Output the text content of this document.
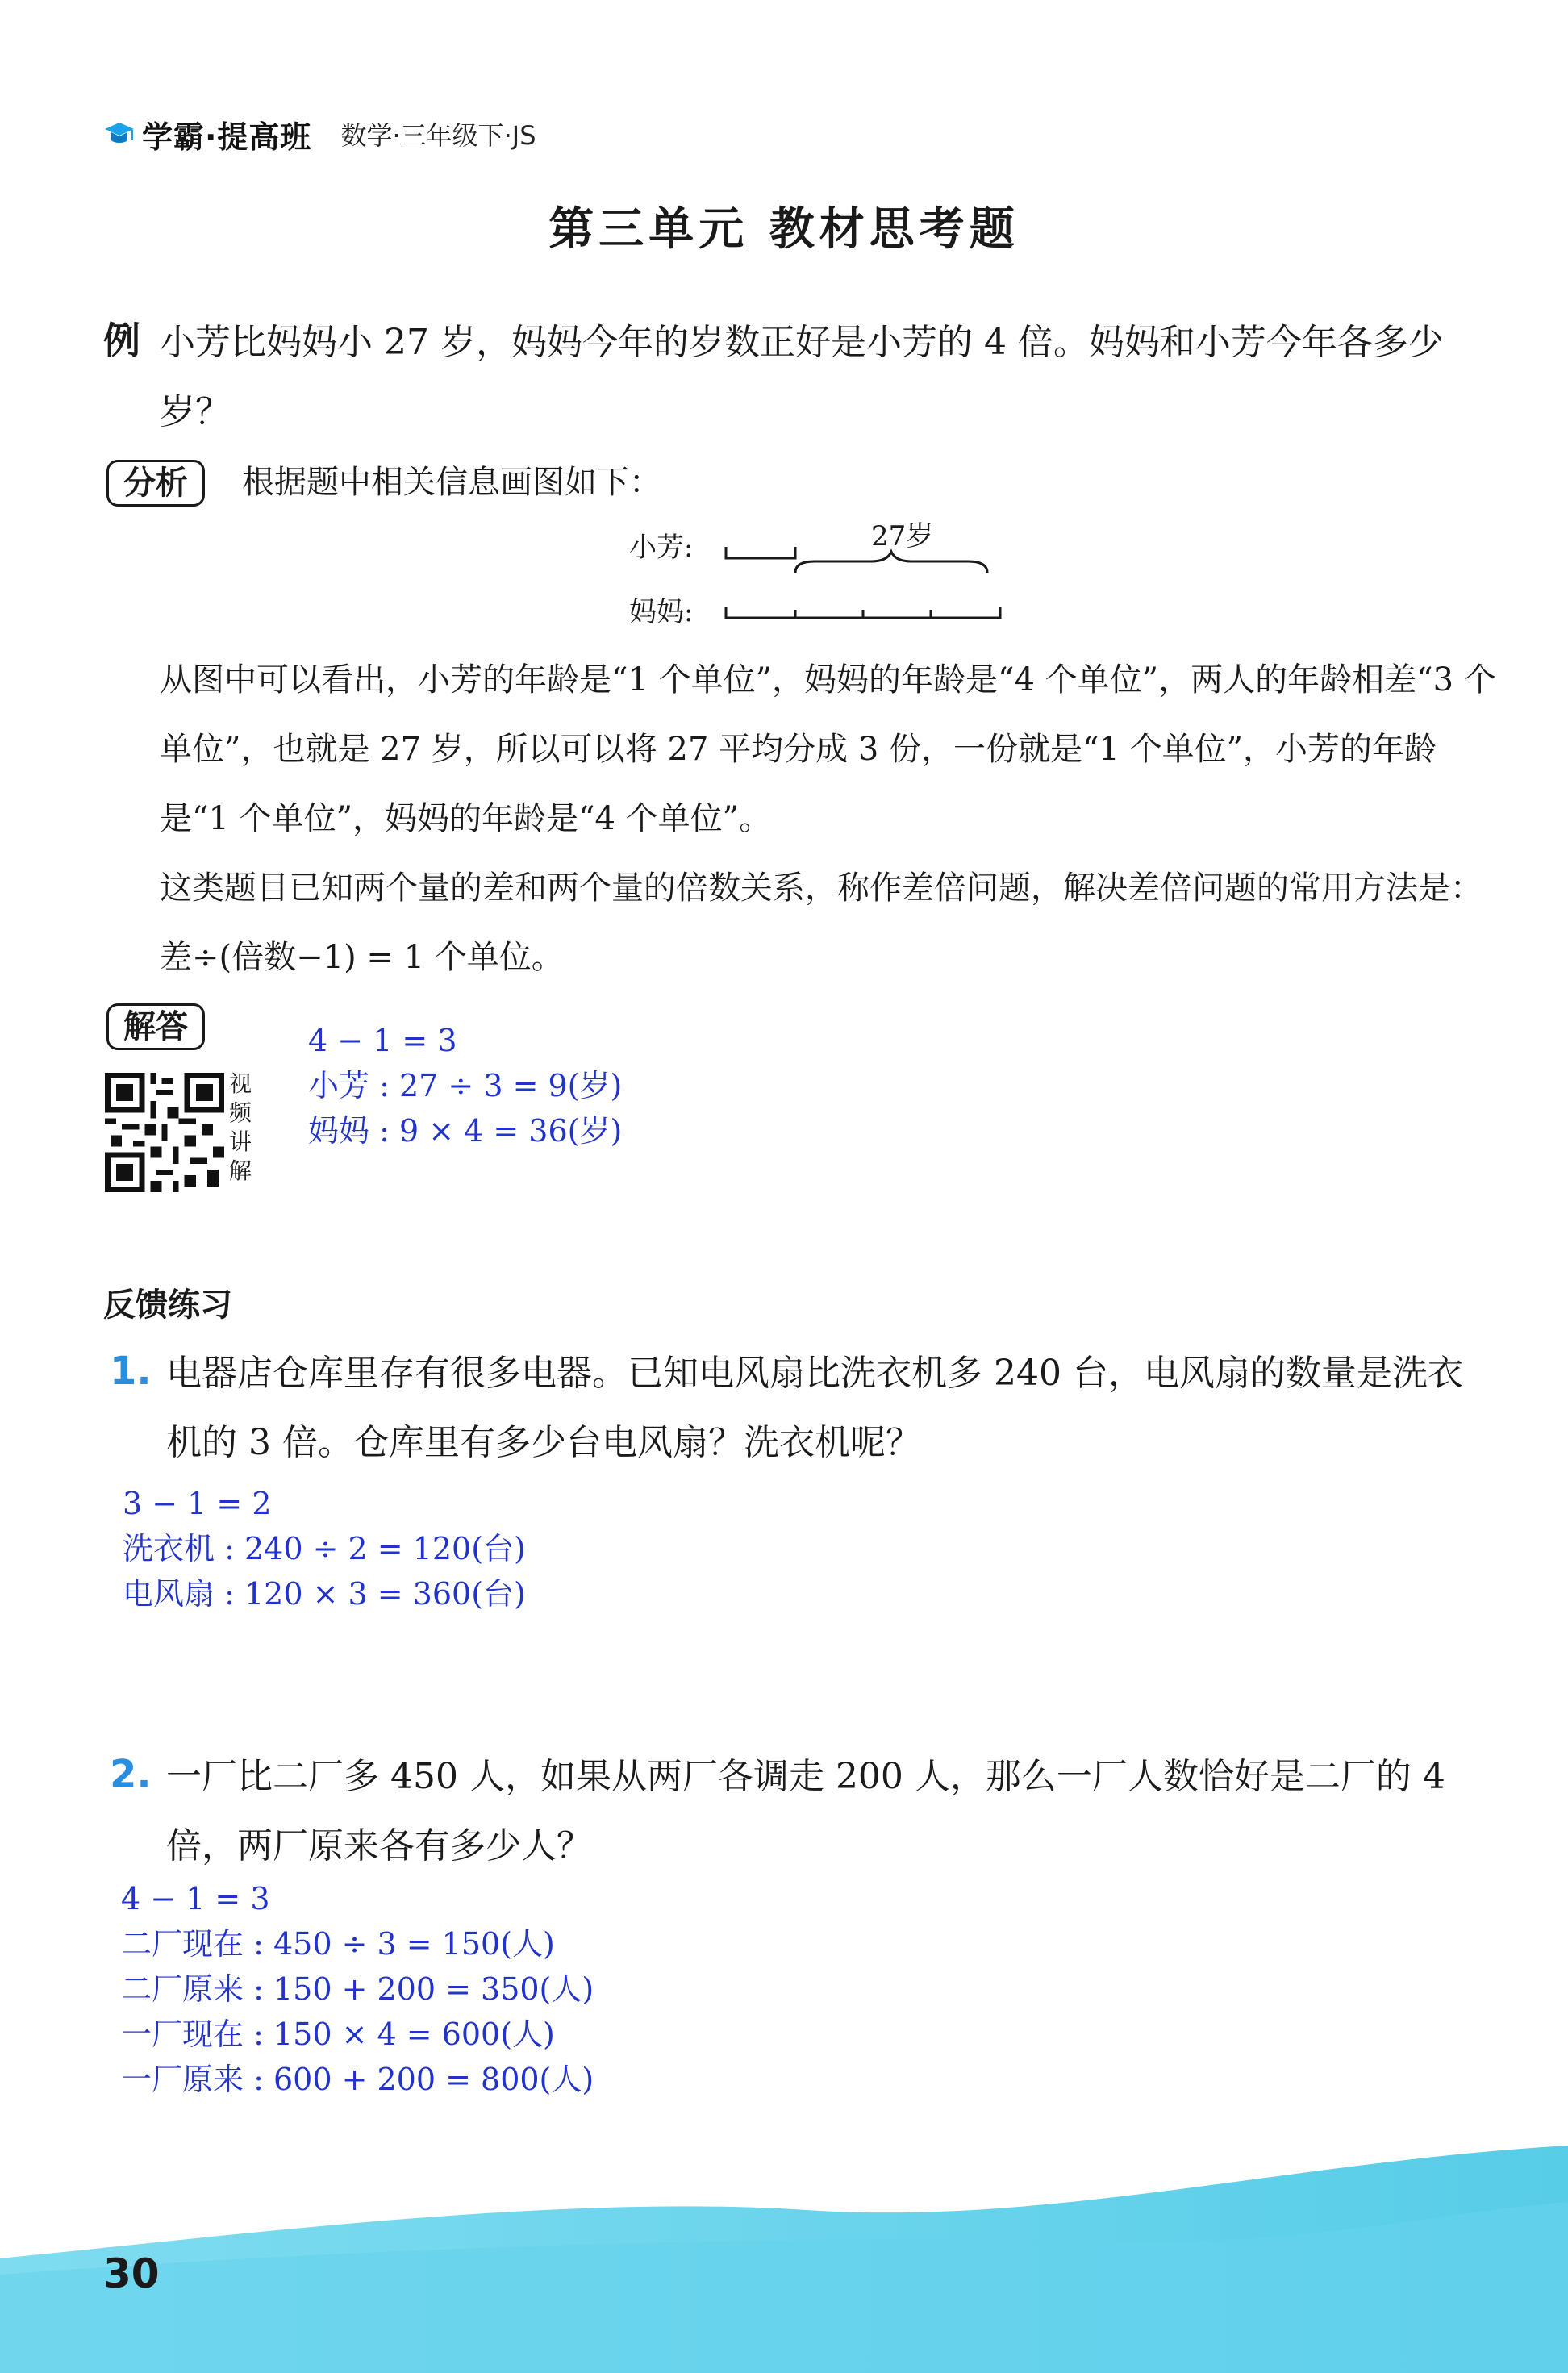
学霸·提高班 数学·三年级下·JS
第三单元 教材思考题
例 小芳比妈妈小 27 岁，妈妈今年的岁数正好是小芳的 4 倍。妈妈和小芳今年各多少岁？
分析	根据题中相关信息画图如下：
小芳:
妈妈:
27岁
从图中可以看出，小芳的年龄是“1 个单位”，妈妈的年龄是“4 个单位”，两人的年龄相差“3 个单位”，也就是 27 岁，所以可以将 27 平均分成 3 份，一份就是“1 个单位”，小芳的年龄是“1 个单位”，妈妈的年龄是“4 个单位”。
这类题目已知两个量的差和两个量的倍数关系，称作差倍问题，解决差倍问题的常用方法是：差÷(倍数−1) = 1 个单位。
解答
视频讲解
4 − 1 = 3
小芳 : 27 ÷ 3 = 9(岁)
妈妈 : 9 × 4 = 36(岁)
反馈练习
1. 电器店仓库里存有很多电器。已知电风扇比洗衣机多 240 台，电风扇的数量是洗衣机的 3 倍。仓库里有多少台电风扇？洗衣机呢？
3 − 1 = 2
洗衣机 : 240 ÷ 2 = 120(台)
电风扇 : 120 × 3 = 360(台)
2. 一厂比二厂多 450 人，如果从两厂各调走 200 人，那么一厂人数恰好是二厂的 4 倍，两厂原来各有多少人？
4 − 1 = 3
二厂现在 : 450 ÷ 3 = 150(人)
二厂原来 : 150 + 200 = 350(人)
一厂现在 : 150 × 4 = 600(人)
一厂原来 : 600 + 200 = 800(人)
30
